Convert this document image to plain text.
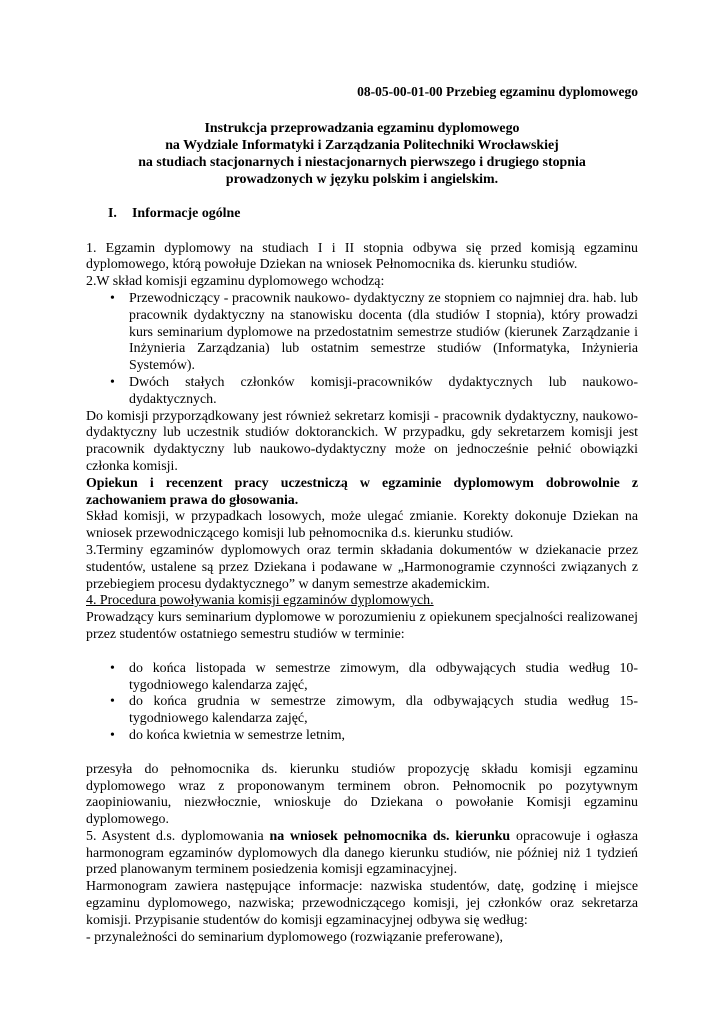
08-05-00-01-00 Przebieg egzaminu dyplomowego
Instrukcja przeprowadzania egzaminu dyplomowego
na Wydziale Informatyki i Zarządzania Politechniki Wrocławskiej
na studiach stacjonarnych i niestacjonarnych pierwszego i drugiego stopnia
prowadzonych w języku polskim i angielskim.
I. Informacje ogólne

1. Egzamin dyplomowy na studiach I i II stopnia odbywa się przed komisją egzaminu dyplomowego, którą powołuje Dziekan na wniosek Pełnomocnika ds. kierunku studiów.

2.W skład komisji egzaminu dyplomowego wchodzą:

• Przewodniczący - pracownik naukowo- dydaktyczny ze stopniem co najmniej dra. hab. lub pracownik dydaktyczny na stanowisku docenta (dla studiów I stopnia), który prowadzi kurs seminarium dyplomowe na przedostatnim semestrze studiów (kierunek Zarządzanie i Inżynieria Zarządzania) lub ostatnim semestrze studiów (Informatyka, Inżynieria Systemów).
• Dwóch stałych członków komisji-pracowników dydaktycznych lub naukowo-dydaktycznych.

Do komisji przyporządkowany jest również sekretarz komisji - pracownik dydaktyczny, naukowo-dydaktyczny lub uczestnik studiów doktoranckich. W przypadku, gdy sekretarzem komisji jest pracownik dydaktyczny lub naukowo-dydaktyczny może on jednocześnie pełnić obowiązki członka komisji.

Opiekun i recenzent pracy uczestniczą w egzaminie dyplomowym dobrowolnie z zachowaniem prawa do głosowania.

Skład komisji, w przypadkach losowych, może ulegać zmianie. Korekty dokonuje Dziekan na wniosek przewodniczącego komisji lub pełnomocnika d.s. kierunku studiów.

3.Terminy egzaminów dyplomowych oraz termin składania dokumentów w dziekanacie przez studentów, ustalene są przez Dziekana i podawane w „Harmonogramie czynności związanych z przebiegiem procesu dydaktycznego” w danym semestrze akademickim.

4. Procedura powoływania komisji egzaminów dyplomowych.

Prowadzący kurs seminarium dyplomowe w porozumieniu z opiekunem specjalności realizowanej przez studentów ostatniego semestru studiów w terminie:

• do końca listopada w semestrze zimowym, dla odbywających studia według 10-tygodniowego kalendarza zajęć,
• do końca grudnia w semestrze zimowym, dla odbywających studia według 15-tygodniowego kalendarza zajęć,
• do końca kwietnia w semestrze letnim,

przesyła do pełnomocnika ds. kierunku studiów propozycję składu komisji egzaminu dyplomowego wraz z proponowanym terminem obron. Pełnomocnik po pozytywnym zaopiniowaniu, niezwłocznie, wnioskuje do Dziekana o powołanie Komisji egzaminu dyplomowego.

5. Asystent d.s. dyplomowania na wniosek pełnomocnika ds. kierunku opracowuje i ogłasza harmonogram egzaminów dyplomowych dla danego kierunku studiów, nie później niż 1 tydzień przed planowanym terminem posiedzenia komisji egzaminacyjnej.

Harmonogram zawiera następujące informacje: nazwiska studentów, datę, godzinę i miejsce egzaminu dyplomowego, nazwiska; przewodniczącego komisji, jej członków oraz sekretarza komisji. Przypisanie studentów do komisji egzaminacyjnej odbywa się według:

- przynależności do seminarium dyplomowego (rozwiązanie preferowane),
